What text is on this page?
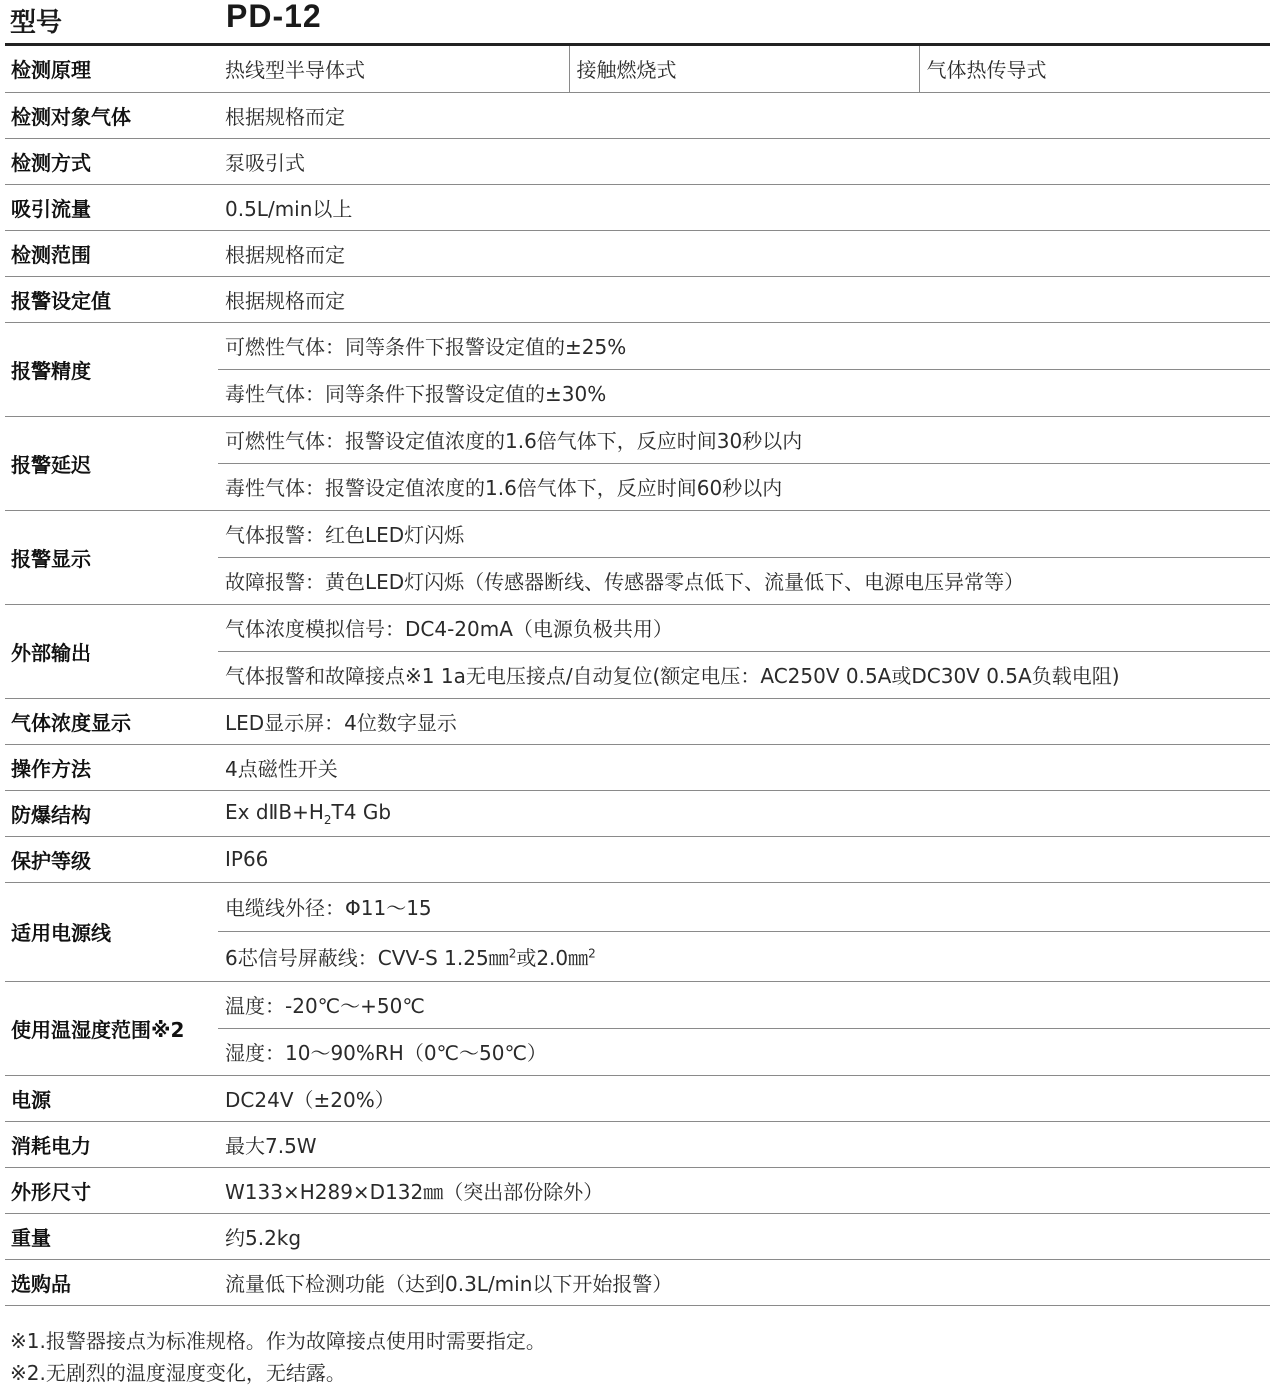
型号	PD-12
检测原理	热线型半导体式	接触燃烧式	气体热传导式
检测对象气体	根据规格而定		
检测方式	泵吸引式		
吸引流量	0.5L/min以上		
检测范围	根据规格而定		
报警设定值	根据规格而定		
报警精度	可燃性气体：同等条件下报警设定值的±25%		
	毒性气体：同等条件下报警设定值的±30%		
报警延迟	可燃性气体：报警设定值浓度的1.6倍气体下，反应时间30秒以内		
	毒性气体：报警设定值浓度的1.6倍气体下，反应时间60秒以内		
报警显示	气体报警：红色LED灯闪烁		
	故障报警：黄色LED灯闪烁（传感器断线、传感器零点低下、流量低下、电源电压异常等）		
外部输出	气体浓度模拟信号：DC4-20mA（电源负极共用）		
	气体报警和故障接点※1 1a无电压接点/自动复位(额定电压：AC250V 0.5A或DC30V 0.5A负载电阻)		
气体浓度显示	LED显示屏：4位数字显示		
操作方法	4点磁性开关		
防爆结构	Ex $dⅡB+H_2T4$ Gb		
保护等级	IP66		
适用电源线	电缆线外径：Φ11～15		
	6芯信号屏蔽线：CVV-S 1.25㎜$^2$或2.0㎜$^2$
使用温湿度范围※2	温度：-20℃～+50℃		
	湿度：10～90%RH（0℃～50℃）		
电源	DC24V（±20%）		
消耗电力	最大7.5W		
外形尺寸	W133×H289×D132㎜（突出部份除外）		
重量	约5.2kg		
选购品	流量低下检测功能（达到0.3L/min以下开始报警）		
※1.报警器接点为标准规格。作为故障接点使用时需要指定。
※2.无剧烈的温度湿度变化，无结露。
